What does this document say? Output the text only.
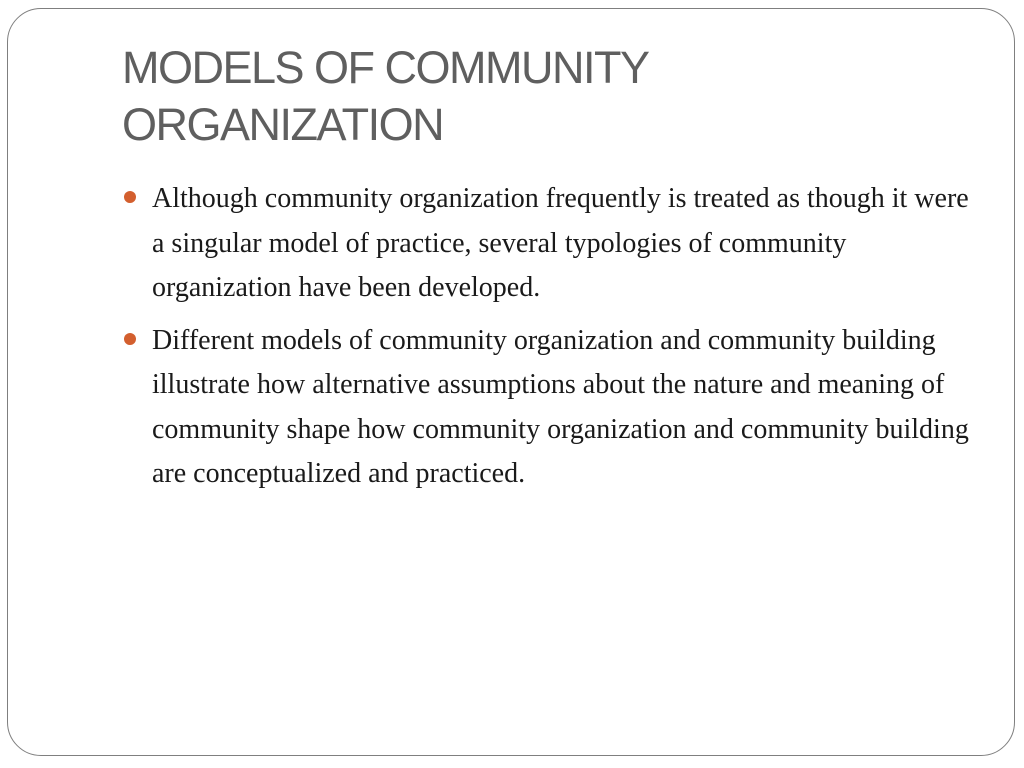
MODELS OF COMMUNITY
ORGANIZATION
Although community organization frequently is treated as though it were a singular model of practice, several typologies of community organization have been developed.
Different models of community organization and community building illustrate how alternative assumptions about the nature and meaning of community shape how community organization and community building are conceptualized and practiced.
